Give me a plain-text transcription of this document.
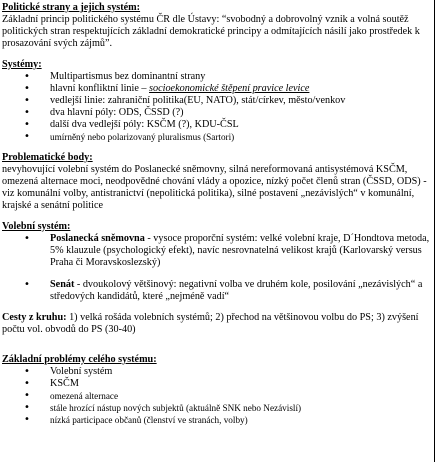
Politické strany a jejich systém:

Základní princip politického systému ČR dle Ústavy: “svobodný a dobrovolný vznik a volná soutěž politických stran respektujících základní demokratické principy a odmítajících násilí jako prostředek k prosazování svých zájmů”.

Systémy:
• Multipartismus bez dominantní strany
• hlavní konfliktní linie – socioekonomické štěpení pravice levice
• vedlejší linie: zahraniční politika(EU, NATO), stát/církev, město/venkov
• dva hlavní póly: ODS, ČSSD (?)
• další dva vedlejší póly: KSČM (?), KDU-ČSL
• umírněný nebo polarizovaný pluralismus (Sartori)
Problematické body:

nevyhovující volební systém do Poslanecké sněmovny, silná nereformovaná antisystémová KSČM, omezená alternace moci, neodpovědné chování vlády a opozice, nízký počet členů stran (ČSSD, ODS) - viz komunální volby, antistranictví (nepolitická politika), silné postavení „nezávislých“ v komunální, krajské a senátní politice

Volební systém:
• Poslanecká sněmovna - vysoce proporční systém: velké volební kraje, D´Hondtova metoda, 5% klauzule (psychologický efekt), navíc nesrovnatelná velikost krajů (Karlovarský versus Praha či Moravskoslezský)
• Senát - dvoukolový většinový: negativní volba ve druhém kole, posilování „nezávislých“ a středových kandidátů, které „nejméně vadí“

Cesty z kruhu: 1) velká rošáda volebních systémů; 2) přechod na většinovou volbu do PS; 3) zvýšení počtu vol. obvodů do PS (30-40)

Základní problémy celého systému:
• Volební systém
• KSČM
• omezená alternace
• stále hrozící nástup nových subjektů (aktuálně SNK nebo Nezávislí)
• nízká participace občanů (členství ve stranách, volby)
